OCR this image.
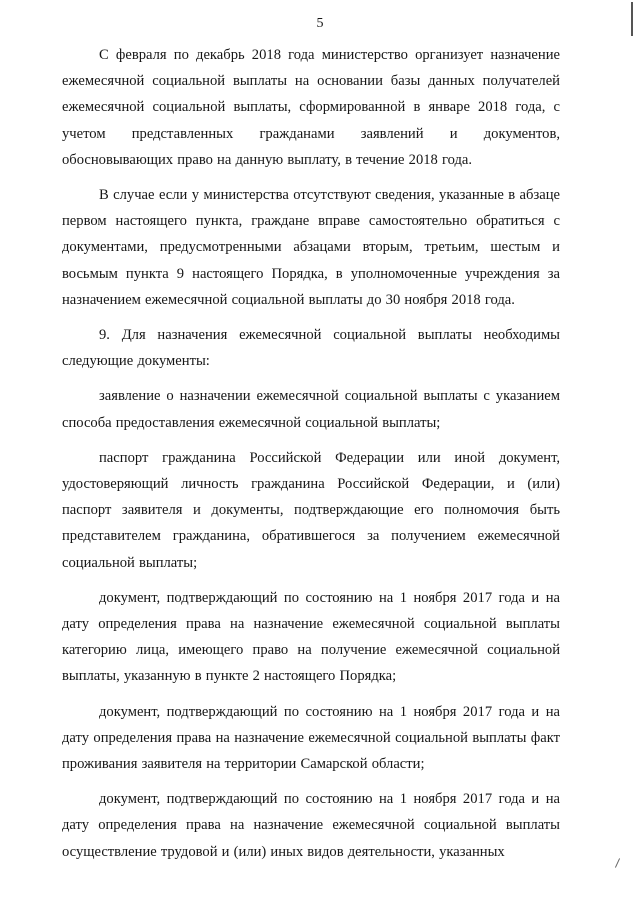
5

С февраля по декабрь 2018 года министерство организует назначение ежемесячной социальной выплаты на основании базы данных получателей ежемесячной социальной выплаты, сформированной в январе 2018 года, с учетом представленных гражданами заявлений и документов, обосновывающих право на данную выплату, в течение 2018 года.

В случае если у министерства отсутствуют сведения, указанные в абзаце первом настоящего пункта, граждане вправе самостоятельно обратиться с документами, предусмотренными абзацами вторым, третьим, шестым и восьмым пункта 9 настоящего Порядка, в уполномоченные учреждения за назначением ежемесячной социальной выплаты до 30 ноября 2018 года.

9. Для назначения ежемесячной социальной выплаты необходимы следующие документы:

заявление о назначении ежемесячной социальной выплаты с указанием способа предоставления ежемесячной социальной выплаты;

паспорт гражданина Российской Федерации или иной документ, удостоверяющий личность гражданина Российской Федерации, и (или) паспорт заявителя и документы, подтверждающие его полномочия быть представителем гражданина, обратившегося за получением ежемесячной социальной выплаты;

документ, подтверждающий по состоянию на 1 ноября 2017 года и на дату определения права на назначение ежемесячной социальной выплаты категорию лица, имеющего право на получение ежемесячной социальной выплаты, указанную в пункте 2 настоящего Порядка;

документ, подтверждающий по состоянию на 1 ноября 2017 года и на дату определения права на назначение ежемесячной социальной выплаты факт проживания заявителя на территории Самарской области;

документ, подтверждающий по состоянию на 1 ноября 2017 года и на дату определения права на назначение ежемесячной социальной выплаты осуществление трудовой и (или) иных видов деятельности, указанных
